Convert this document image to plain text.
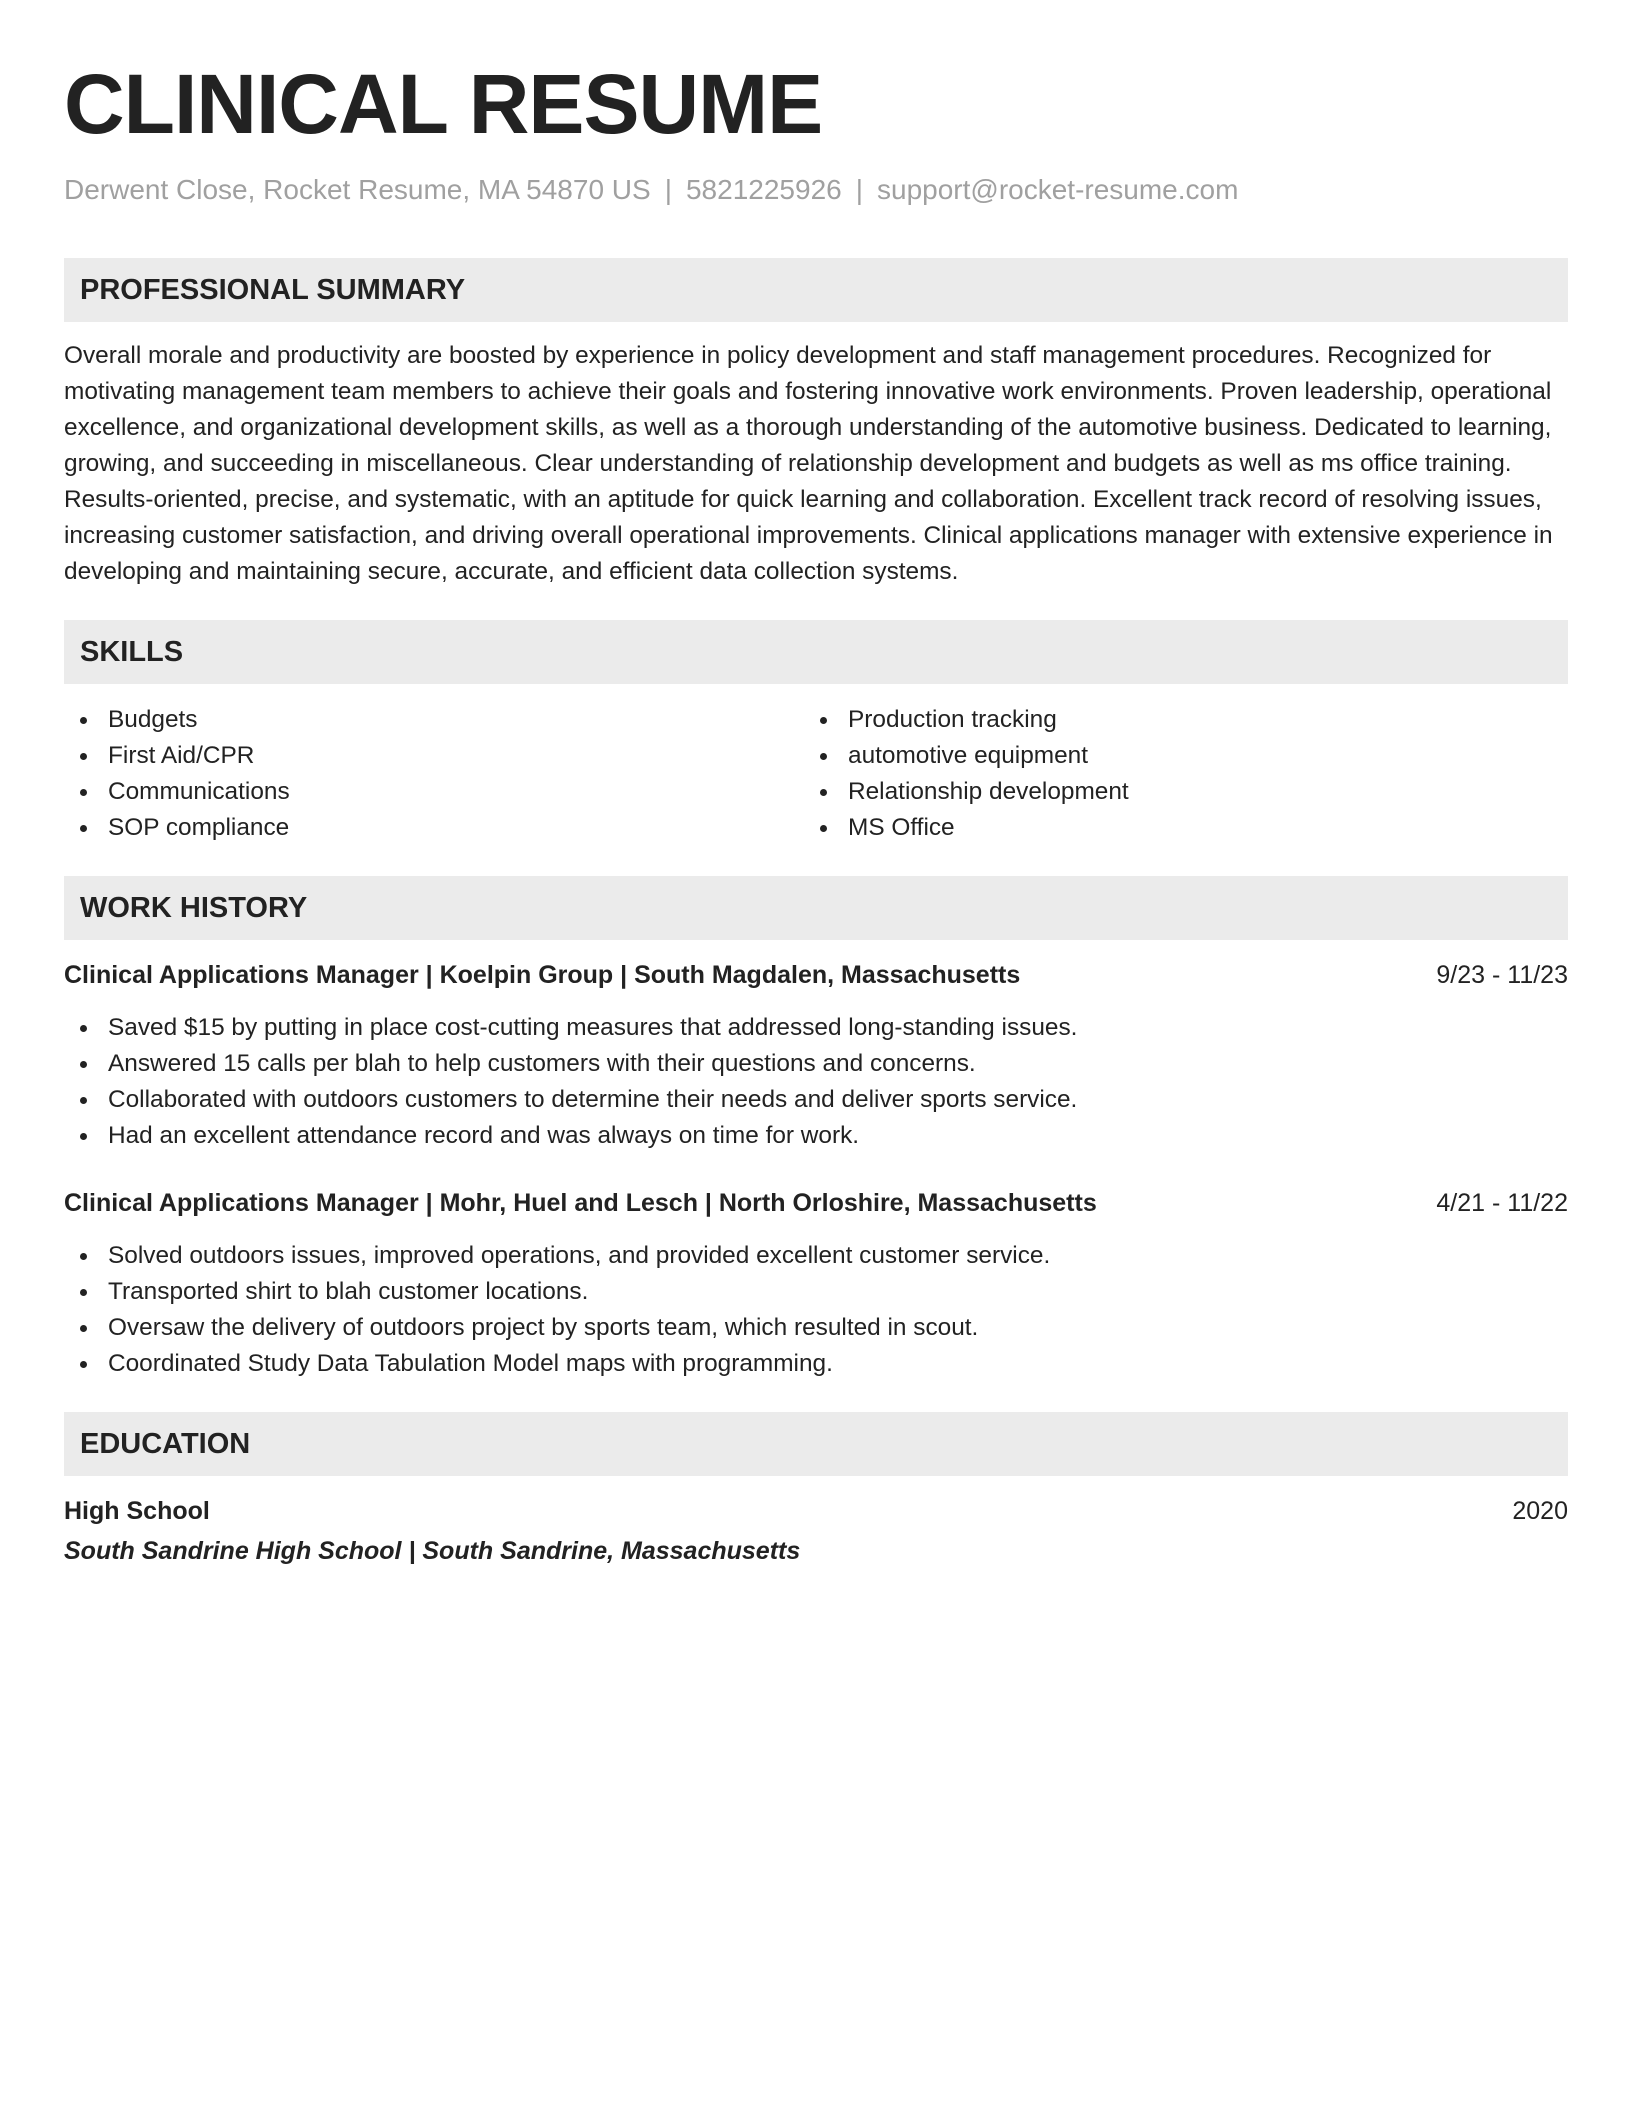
CLINICAL RESUME
Derwent Close, Rocket Resume, MA 54870 US | 5821225926 | support@rocket-resume.com
PROFESSIONAL SUMMARY

Overall morale and productivity are boosted by experience in policy development and staff management procedures. Recognized for motivating management team members to achieve their goals and fostering innovative work environments. Proven leadership, operational excellence, and organizational development skills, as well as a thorough understanding of the automotive business. Dedicated to learning, growing, and succeeding in miscellaneous. Clear understanding of relationship development and budgets as well as ms office training. Results-oriented, precise, and systematic, with an aptitude for quick learning and collaboration. Excellent track record of resolving issues, increasing customer satisfaction, and driving overall operational improvements. Clinical applications manager with extensive experience in developing and maintaining secure, accurate, and efficient data collection systems.

SKILLS
Budgets
First Aid/CPR
Communications
SOP compliance
Production tracking
automotive equipment
Relationship development
MS Office
WORK HISTORY
Clinical Applications Manager | Koelpin Group | South Magdalen, Massachusetts	9/23 - 11/23
Saved $15 by putting in place cost-cutting measures that addressed long-standing issues.
Answered 15 calls per blah to help customers with their questions and concerns.
Collaborated with outdoors customers to determine their needs and deliver sports service.
Had an excellent attendance record and was always on time for work.
Clinical Applications Manager | Mohr, Huel and Lesch | North Orloshire, Massachusetts	4/21 - 11/22
Solved outdoors issues, improved operations, and provided excellent customer service.
Transported shirt to blah customer locations.
Oversaw the delivery of outdoors project by sports team, which resulted in scout.
Coordinated Study Data Tabulation Model maps with programming.
EDUCATION
High School	2020
South Sandrine High School | South Sandrine, Massachusetts
